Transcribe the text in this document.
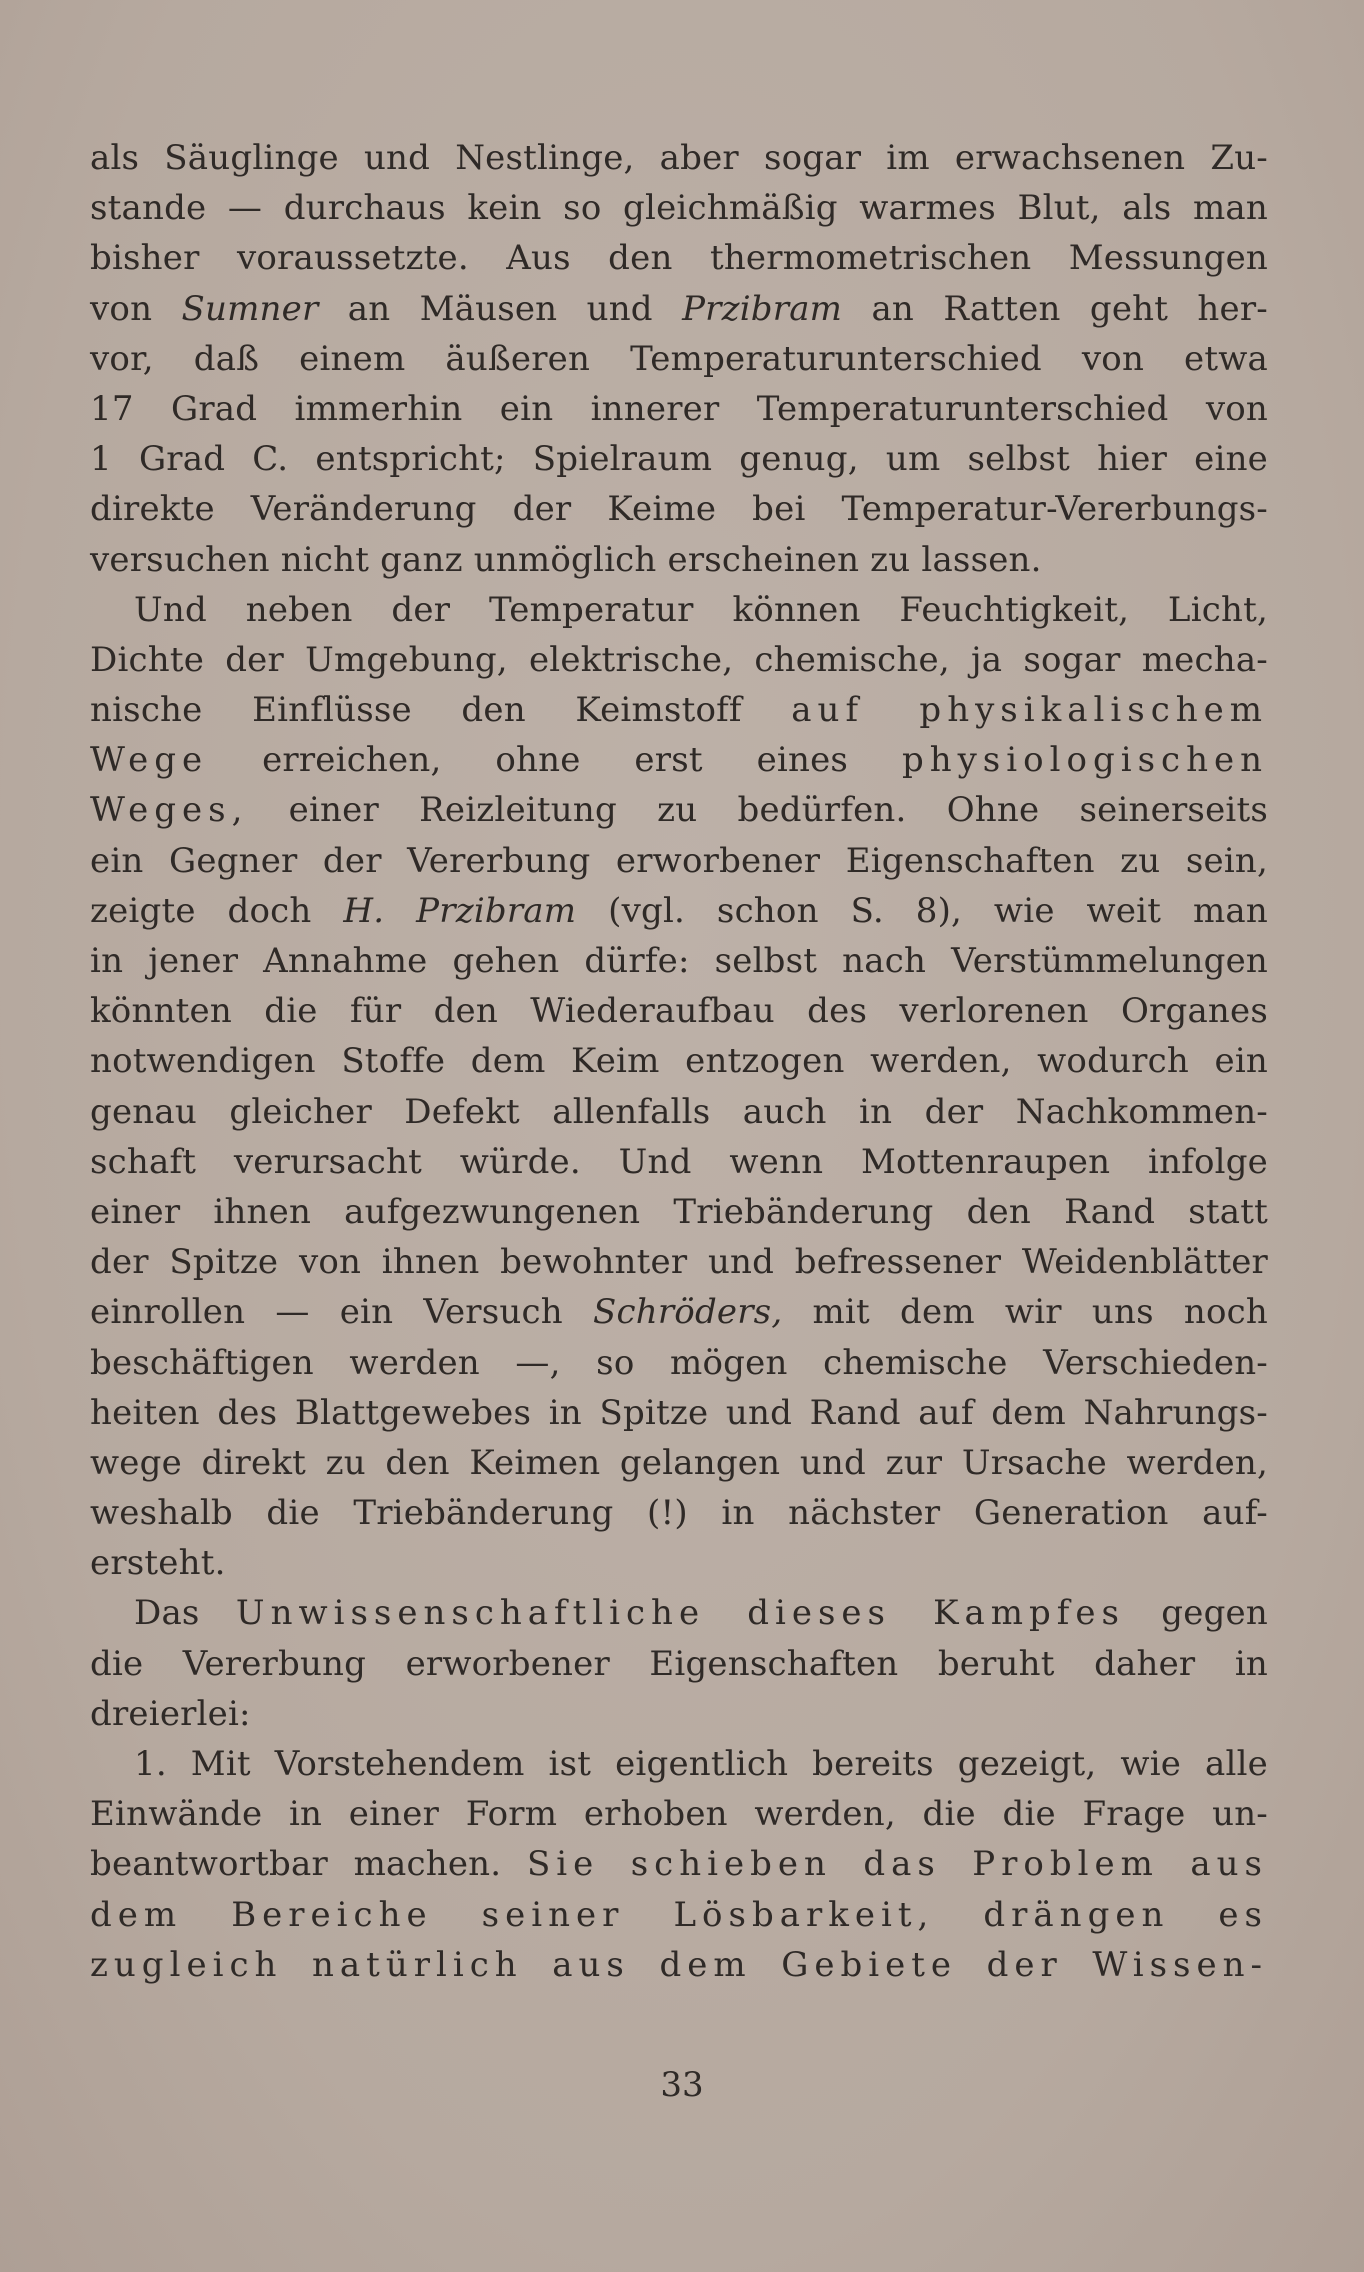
als Säuglinge und Nestlinge, aber sogar im erwachsenen Zu-
stande — durchaus kein so gleichmäßig warmes Blut, als man
bisher voraussetzte. Aus den thermometrischen Messungen
von Sumner an Mäusen und Przibram an Ratten geht her-
vor, daß einem äußeren Temperaturunterschied von etwa
17 Grad immerhin ein innerer Temperaturunterschied von
1 Grad C. entspricht; Spielraum genug, um selbst hier eine
direkte Veränderung der Keime bei Temperatur-Vererbungs-
versuchen nicht ganz unmöglich erscheinen zu lassen.
Und neben der Temperatur können Feuchtigkeit, Licht,
Dichte der Umgebung, elektrische, chemische, ja sogar mecha-
nische Einflüsse den Keimstoff auf physikalischem
Wege erreichen, ohne erst eines physiologischen
Weges, einer Reizleitung zu bedürfen. Ohne seinerseits
ein Gegner der Vererbung erworbener Eigenschaften zu sein,
zeigte doch H. Przibram (vgl. schon S. 8), wie weit man
in jener Annahme gehen dürfe: selbst nach Verstümmelungen
könnten die für den Wiederaufbau des verlorenen Organes
notwendigen Stoffe dem Keim entzogen werden, wodurch ein
genau gleicher Defekt allenfalls auch in der Nachkommen-
schaft verursacht würde. Und wenn Mottenraupen infolge
einer ihnen aufgezwungenen Triebänderung den Rand statt
der Spitze von ihnen bewohnter und befressener Weidenblätter
einrollen — ein Versuch Schröders, mit dem wir uns noch
beschäftigen werden —, so mögen chemische Verschieden-
heiten des Blattgewebes in Spitze und Rand auf dem Nahrungs-
wege direkt zu den Keimen gelangen und zur Ursache werden,
weshalb die Triebänderung (!) in nächster Generation auf-
ersteht.
Das Unwissenschaftliche dieses Kampfes gegen
die Vererbung erworbener Eigenschaften beruht daher in
dreierlei:
1. Mit Vorstehendem ist eigentlich bereits gezeigt, wie alle
Einwände in einer Form erhoben werden, die die Frage un-
beantwortbar machen. Sie schieben das Problem aus
dem Bereiche seiner Lösbarkeit, drängen es
zugleich natürlich aus dem Gebiete der Wissen-
33
